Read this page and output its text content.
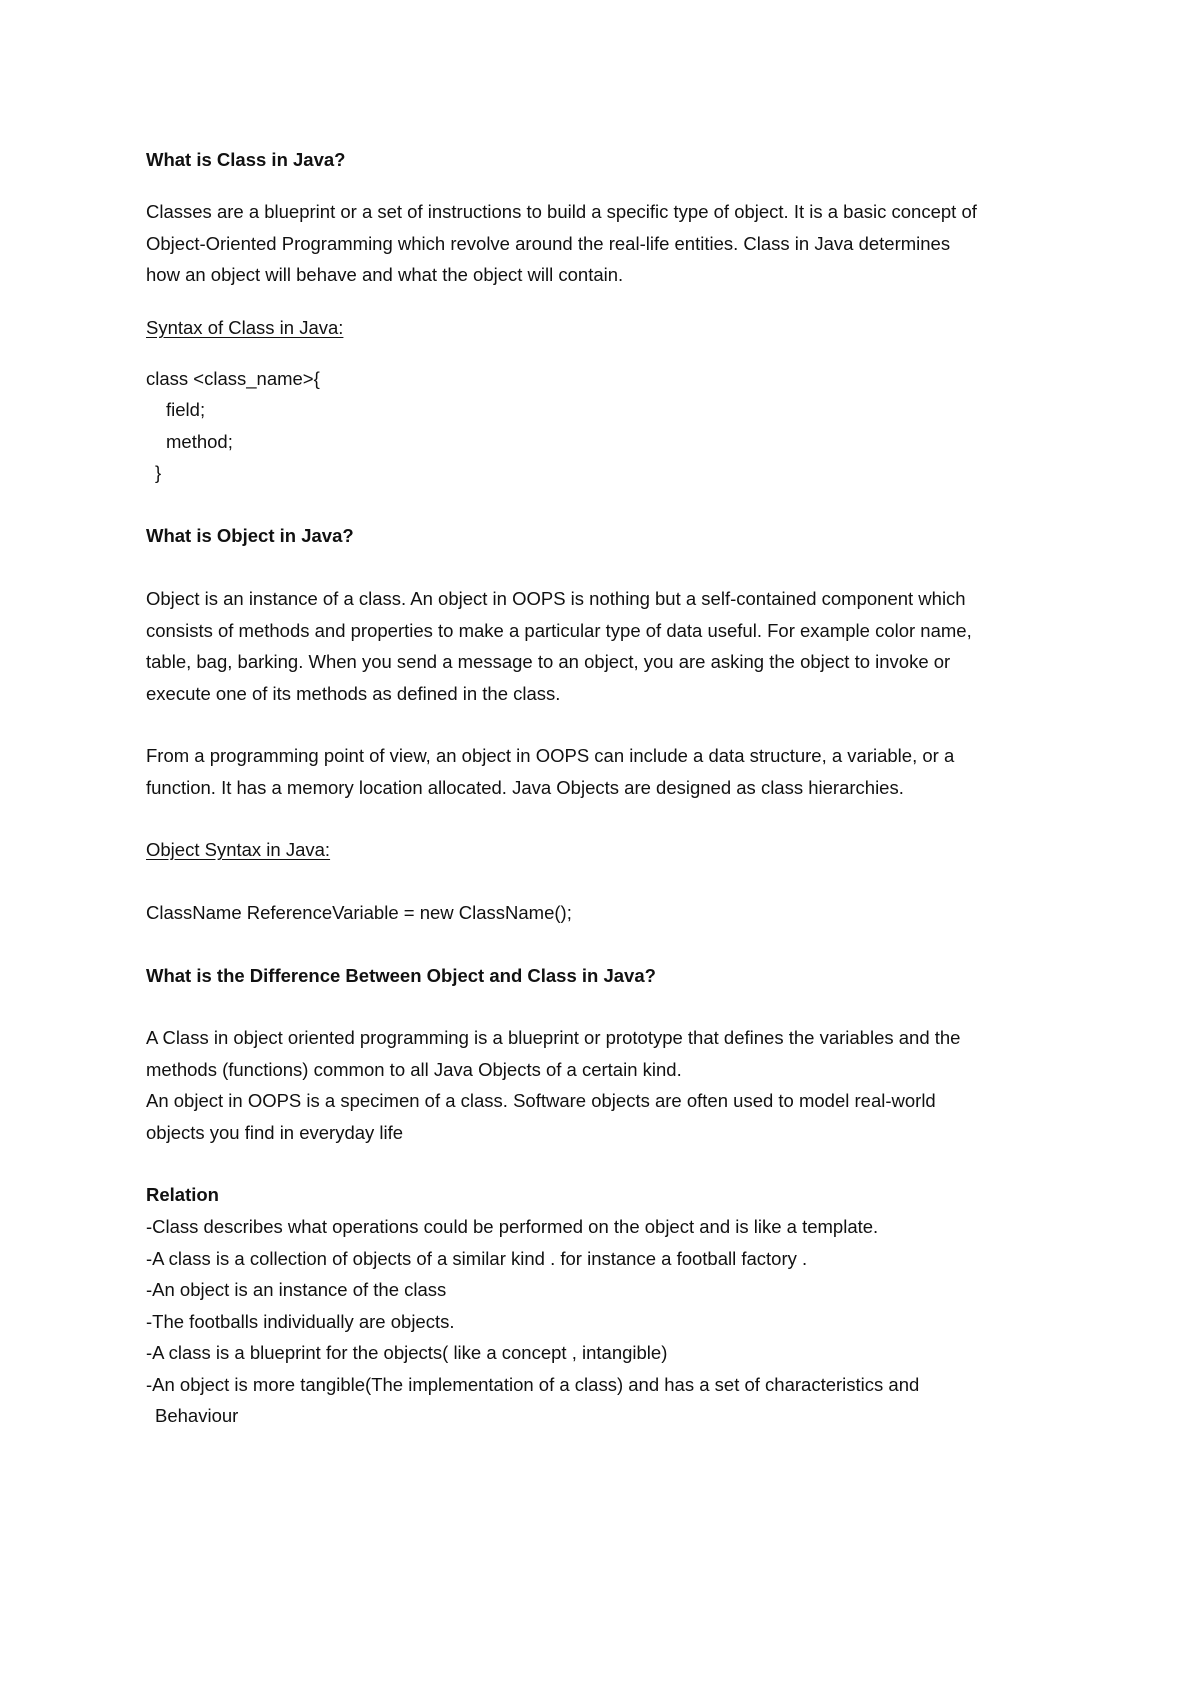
What is Class in Java?

Classes are a blueprint or a set of instructions to build a specific type of object. It is a basic concept of
Object-Oriented Programming which revolve around the real-life entities. Class in Java determines
how an object will behave and what the object will contain.

Syntax of Class in Java:

class <class_name>{

field;

method;

}

What is Object in Java?

Object is an instance of a class. An object in OOPS is nothing but a self-contained component which
consists of methods and properties to make a particular type of data useful. For example color name,
table, bag, barking. When you send a message to an object, you are asking the object to invoke or
execute one of its methods as defined in the class.
From a programming point of view, an object in OOPS can include a data structure, a variable, or a
function. It has a memory location allocated. Java Objects are designed as class hierarchies.

Object Syntax in Java:

ClassName ReferenceVariable = new ClassName();

What is the Difference Between Object and Class in Java?

A Class in object oriented programming is a blueprint or prototype that defines the variables and the
methods (functions) common to all Java Objects of a certain kind.
An object in OOPS is a specimen of a class. Software objects are often used to model real-world
objects you find in everyday life

Relation

-Class describes what operations could be performed on the object and is like a template.
-A class is a collection of objects of a similar kind . for instance a football factory .
-An object is an instance of the class
-The footballs individually are objects.
-A class is a blueprint for the objects( like a concept , intangible)
-An object is more tangible(The implementation of a class) and has a set of characteristics and

Behaviour
